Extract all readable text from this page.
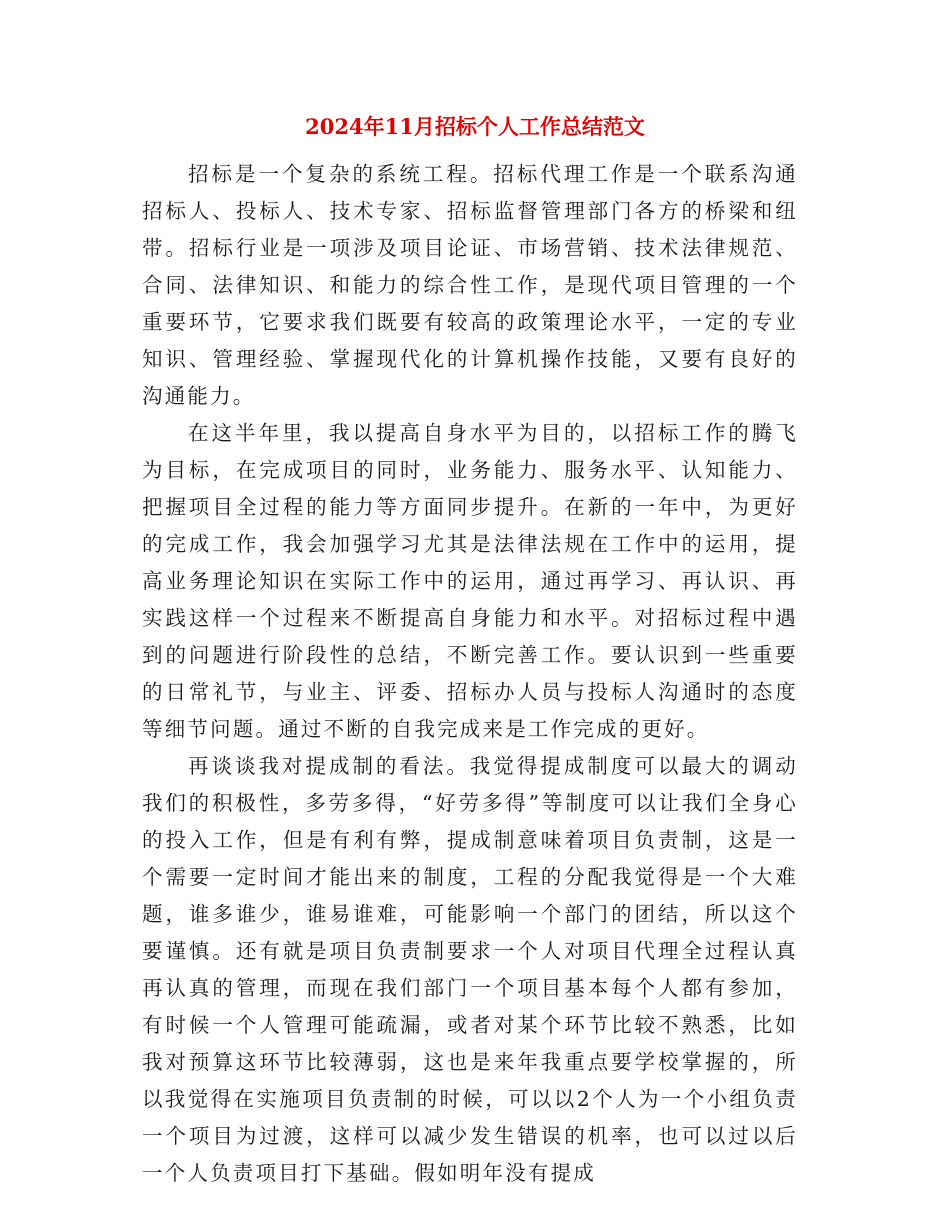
2024年11月招标个人工作总结范文

招标是一个复杂的系统工程。招标代理工作是一个联系沟通招标人、投标人、技术专家、招标监督管理部门各方的桥梁和纽带。招标行业是一项涉及项目论证、市场营销、技术法律规范、合同、法律知识、和能力的综合性工作，是现代项目管理的一个重要环节，它要求我们既要有较高的政策理论水平，一定的专业知识、管理经验、掌握现代化的计算机操作技能，又要有良好的沟通能力。

在这半年里，我以提高自身水平为目的，以招标工作的腾飞为目标，在完成项目的同时，业务能力、服务水平、认知能力、把握项目全过程的能力等方面同步提升。在新的一年中，为更好的完成工作，我会加强学习尤其是法律法规在工作中的运用，提高业务理论知识在实际工作中的运用，通过再学习、再认识、再实践这样一个过程来不断提高自身能力和水平。对招标过程中遇到的问题进行阶段性的总结，不断完善工作。要认识到一些重要的日常礼节，与业主、评委、招标办人员与投标人沟通时的态度等细节问题。通过不断的自我完成来是工作完成的更好。

再谈谈我对提成制的看法。我觉得提成制度可以最大的调动我们的积极性，多劳多得，“好劳多得”等制度可以让我们全身心的投入工作，但是有利有弊，提成制意味着项目负责制，这是一个需要一定时间才能出来的制度，工程的分配我觉得是一个大难题，谁多谁少，谁易谁难，可能影响一个部门的团结，所以这个要谨慎。还有就是项目负责制要求一个人对项目代理全过程认真再认真的管理，而现在我们部门一个项目基本每个人都有参加，有时候一个人管理可能疏漏，或者对某个环节比较不熟悉，比如我对预算这环节比较薄弱，这也是来年我重点要学校掌握的，所以我觉得在实施项目负责制的时候，可以以2个人为一个小组负责一个项目为过渡，这样可以减少发生错误的机率，也可以过以后一个人负责项目打下基础。假如明年没有提成
